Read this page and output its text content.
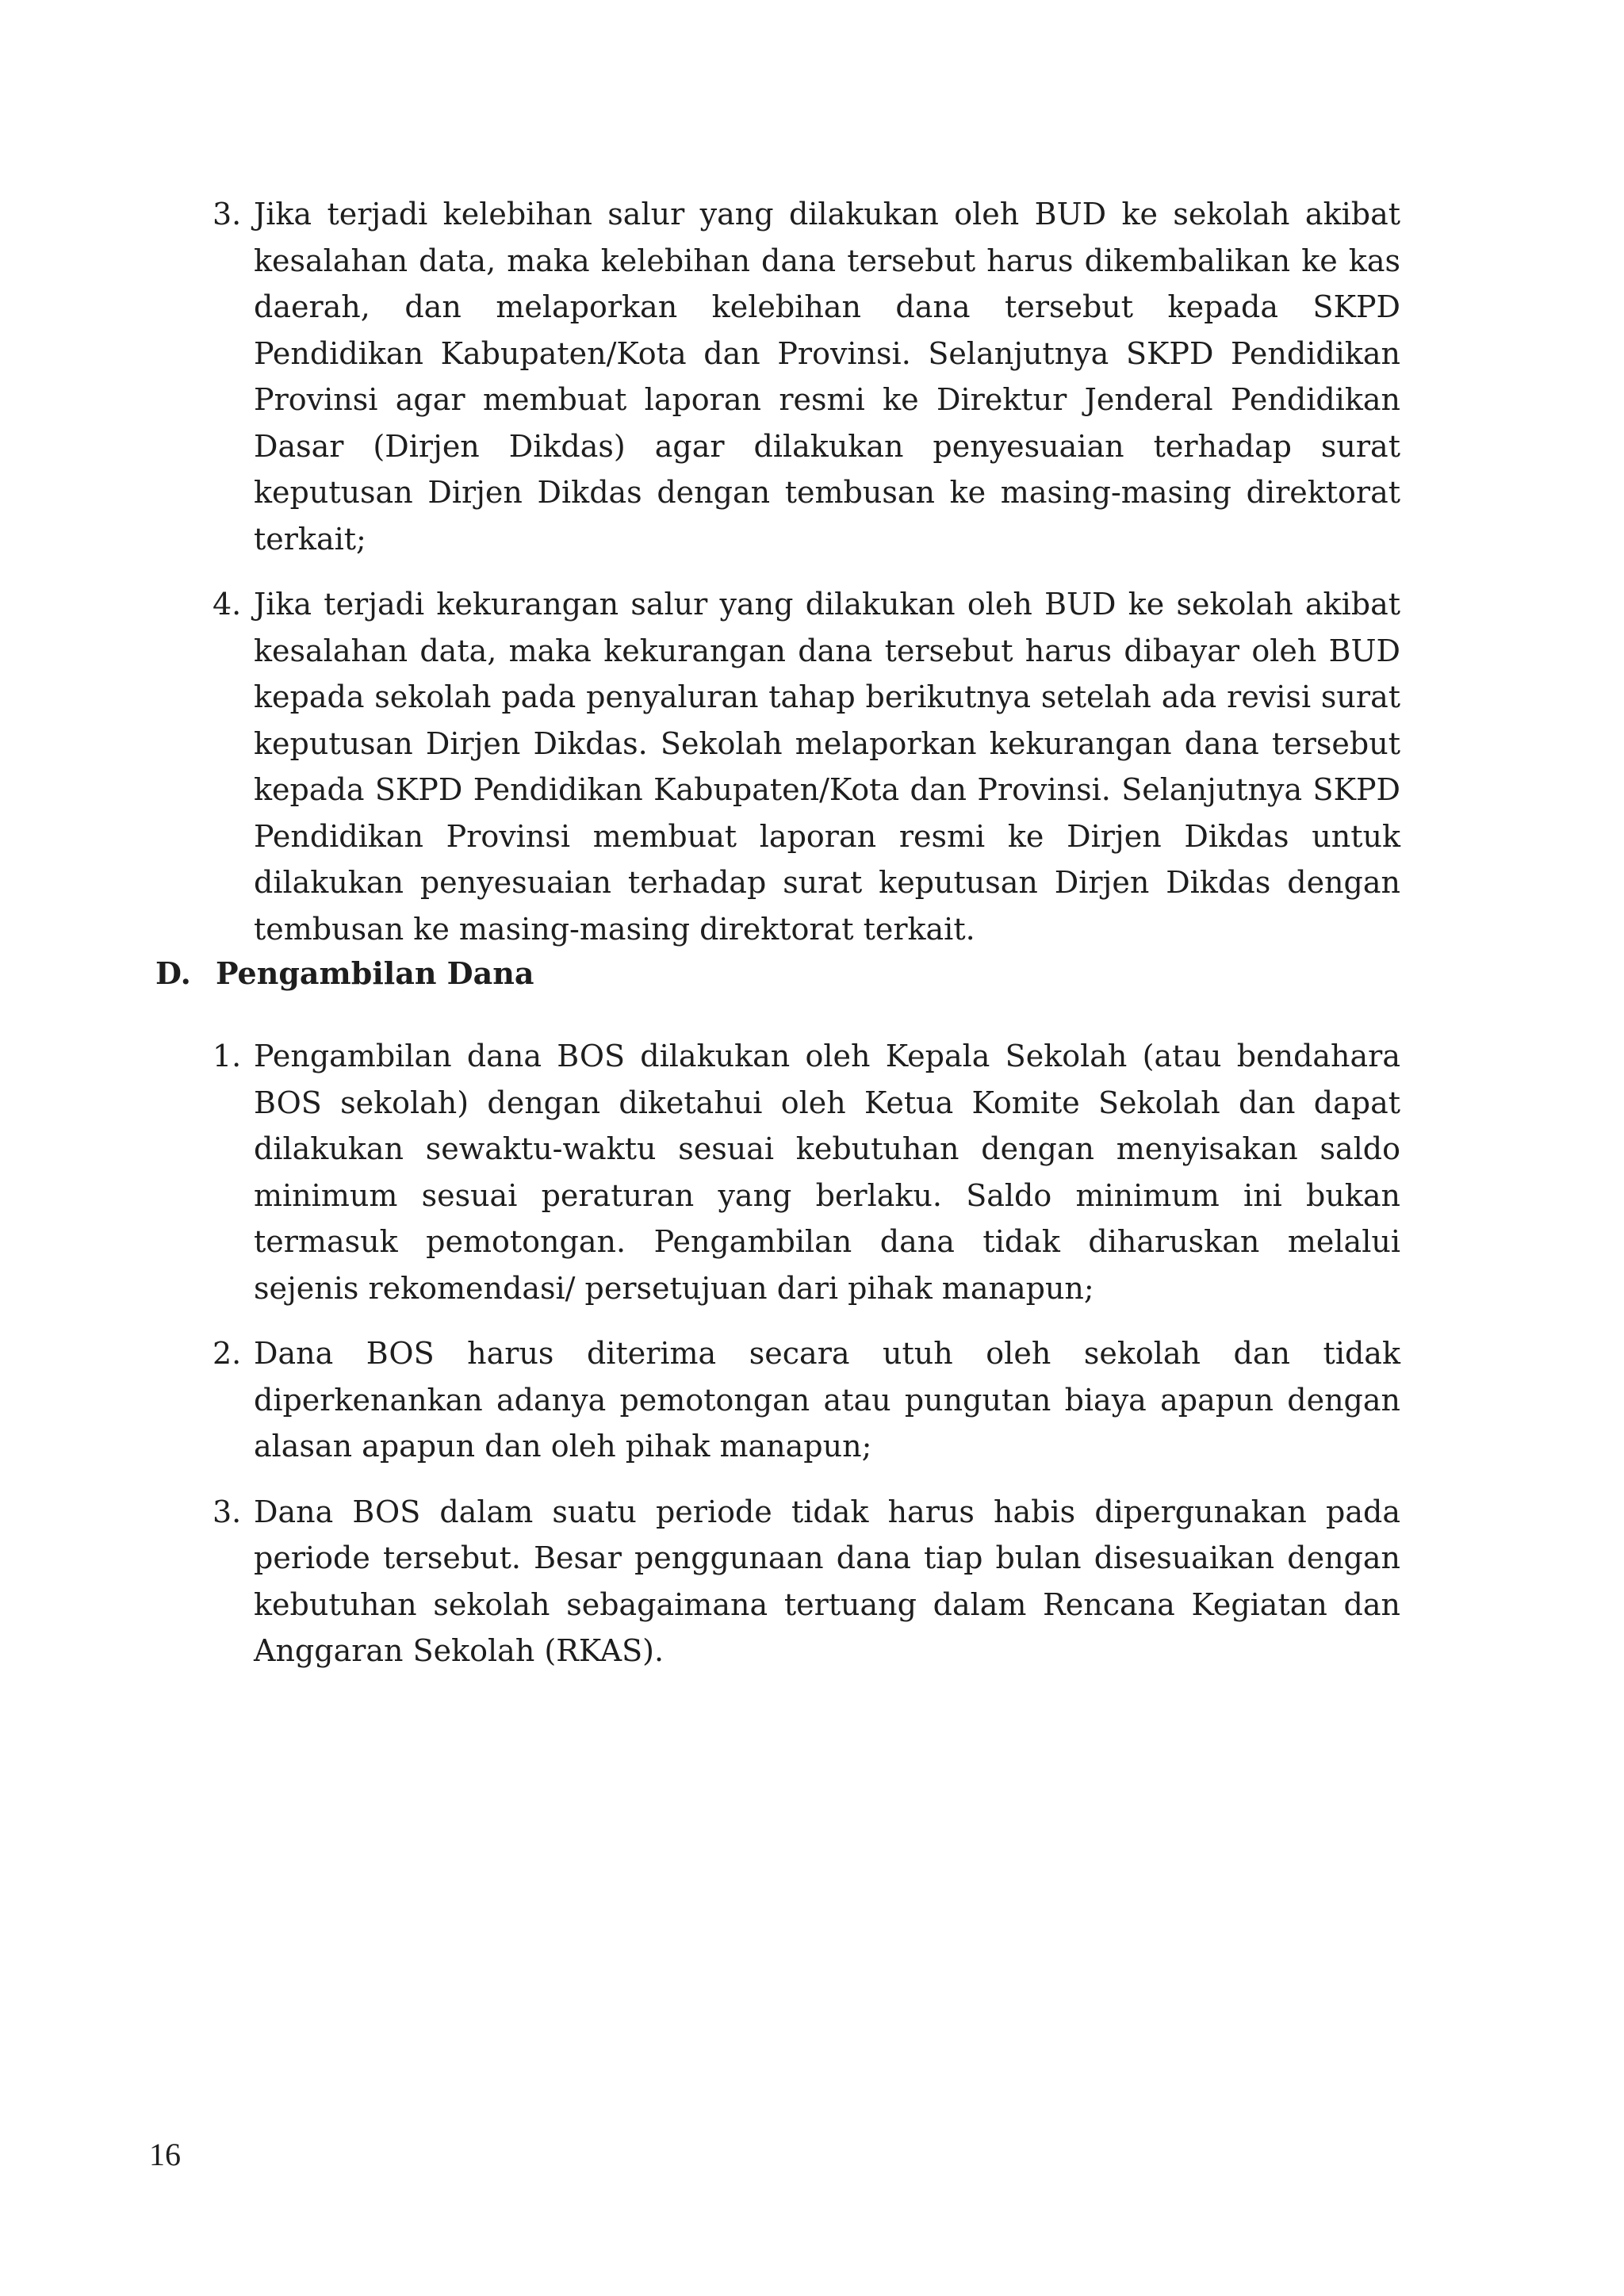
3. Jika terjadi kelebihan salur yang dilakukan oleh BUD ke sekolah akibat kesalahan data, maka kelebihan dana tersebut harus dikembalikan ke kas daerah, dan melaporkan kelebihan dana tersebut kepada SKPD Pendidikan Kabupaten/Kota dan Provinsi. Selanjutnya SKPD Pendidikan Provinsi agar membuat laporan resmi ke Direktur Jenderal Pendidikan Dasar (Dirjen Dikdas) agar dilakukan penyesuaian terhadap surat keputusan Dirjen Dikdas dengan tembusan ke masing-masing direktorat terkait;
4. Jika terjadi kekurangan salur yang dilakukan oleh BUD ke sekolah akibat kesalahan data, maka kekurangan dana tersebut harus dibayar oleh BUD kepada sekolah pada penyaluran tahap berikutnya setelah ada revisi surat keputusan Dirjen Dikdas. Sekolah melaporkan kekurangan dana tersebut kepada SKPD Pendidikan Kabupaten/Kota dan Provinsi. Selanjutnya SKPD Pendidikan Provinsi membuat laporan resmi ke Dirjen Dikdas untuk dilakukan penyesuaian terhadap surat keputusan Dirjen Dikdas dengan tembusan ke masing-masing direktorat terkait.
D. Pengambilan Dana
1. Pengambilan dana BOS dilakukan oleh Kepala Sekolah (atau bendahara BOS sekolah) dengan diketahui oleh Ketua Komite Sekolah dan dapat dilakukan sewaktu-waktu sesuai kebutuhan dengan menyisakan saldo minimum sesuai peraturan yang berlaku. Saldo minimum ini bukan termasuk pemotongan. Pengambilan dana tidak diharuskan melalui sejenis rekomendasi/ persetujuan dari pihak manapun;
2. Dana BOS harus diterima secara utuh oleh sekolah dan tidak diperkenankan adanya pemotongan atau pungutan biaya apapun dengan alasan apapun dan oleh pihak manapun;
3. Dana BOS dalam suatu periode tidak harus habis dipergunakan pada periode tersebut. Besar penggunaan dana tiap bulan disesuaikan dengan kebutuhan sekolah sebagaimana tertuang dalam Rencana Kegiatan dan Anggaran Sekolah (RKAS).
16
